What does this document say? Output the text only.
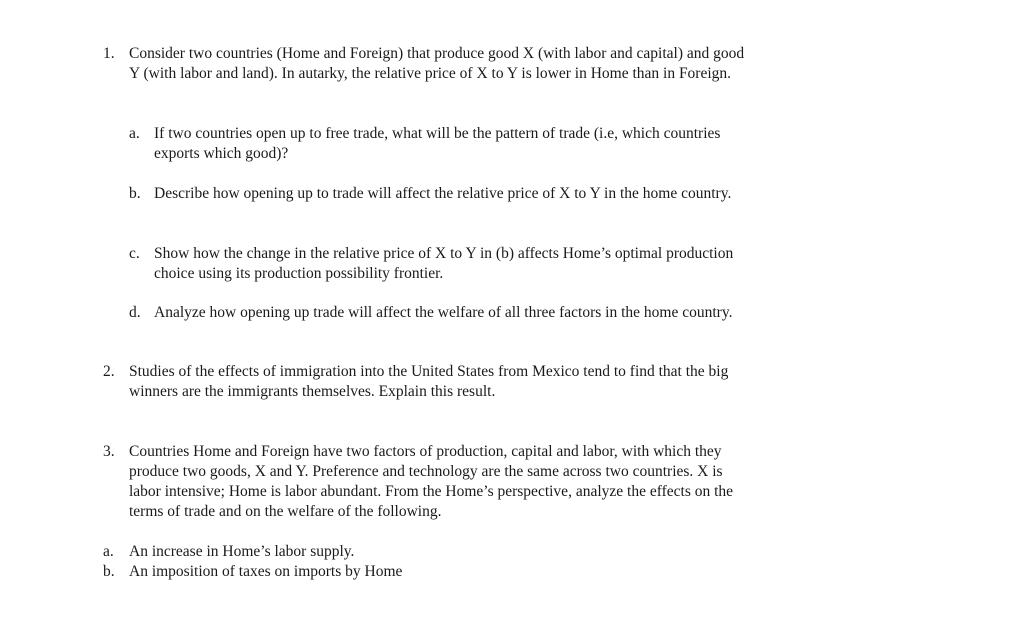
1. Consider two countries (Home and Foreign) that produce good X (with labor and capital) and good Y (with labor and land). In autarky, the relative price of X to Y is lower in Home than in Foreign.
a. If two countries open up to free trade, what will be the pattern of trade (i.e, which countries exports which good)?
b. Describe how opening up to trade will affect the relative price of X to Y in the home country.
c. Show how the change in the relative price of X to Y in (b) affects Home’s optimal production choice using its production possibility frontier.
d. Analyze how opening up trade will affect the welfare of all three factors in the home country.
2. Studies of the effects of immigration into the United States from Mexico tend to find that the big winners are the immigrants themselves. Explain this result.
3. Countries Home and Foreign have two factors of production, capital and labor, with which they produce two goods, X and Y. Preference and technology are the same across two countries. X is labor intensive; Home is labor abundant. From the Home’s perspective, analyze the effects on the terms of trade and on the welfare of the following.
a. An increase in Home’s labor supply.
b. An imposition of taxes on imports by Home
